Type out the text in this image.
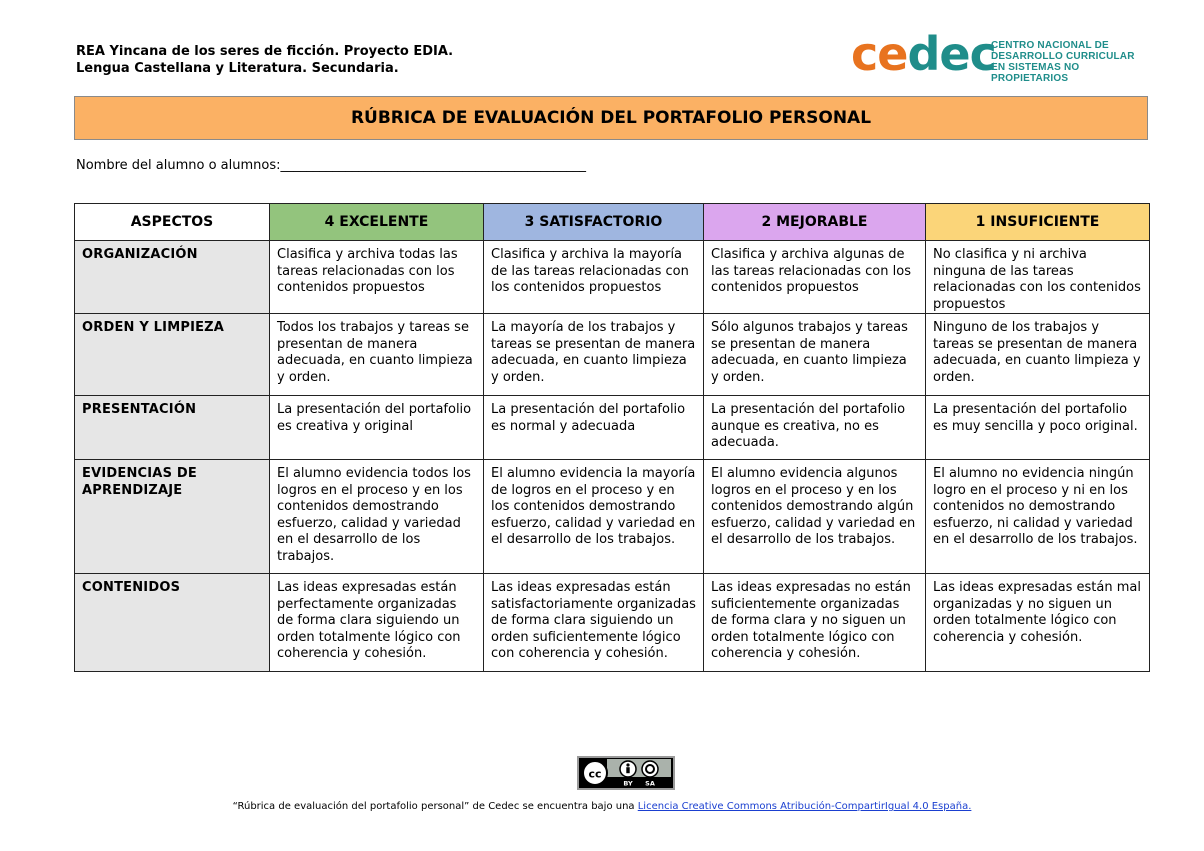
REA Yincana de los seres de ficción. Proyecto EDIA.
Lengua Castellana y Literatura. Secundaria.	cedec
CENTRO NACIONAL DE
DESARROLLO CURRICULAR
EN SISTEMAS NO PROPIETARIOS
RÚBRICA DE EVALUACIÓN DEL PORTAFOLIO PERSONAL
Nombre del alumno o alumnos:_______________________________________________
ASPECTOS	4 EXCELENTE	3 SATISFACTORIO	2 MEJORABLE	1 INSUFICIENTE
ORGANIZACIÓN	Clasifica y archiva todas las tareas relacionadas con los contenidos propuestos	Clasifica y archiva la mayoría de las tareas relacionadas con los contenidos propuestos	Clasifica y archiva algunas de las tareas relacionadas con los contenidos propuestos	No clasifica y ni archiva ninguna de las tareas relacionadas con los contenidos propuestos
ORDEN Y LIMPIEZA	Todos los trabajos y tareas se presentan de manera adecuada, en cuanto limpieza y orden.	La mayoría de los trabajos y tareas se presentan de manera adecuada, en cuanto limpieza y orden.	Sólo algunos trabajos y tareas se presentan de manera adecuada, en cuanto limpieza y orden.	Ninguno de los trabajos y tareas se presentan de manera adecuada, en cuanto limpieza y orden.
PRESENTACIÓN	La presentación del portafolio es creativa y original	La presentación del portafolio es normal y adecuada	La presentación del portafolio aunque es creativa, no es adecuada.	La presentación del portafolio es muy sencilla y poco original.
EVIDENCIAS DE APRENDIZAJE	El alumno evidencia todos los logros en el proceso y en los contenidos demostrando esfuerzo, calidad y variedad en el desarrollo de los trabajos.	El alumno evidencia la mayoría de logros en el proceso y en los contenidos demostrando esfuerzo, calidad y variedad en el desarrollo de los trabajos.	El alumno evidencia algunos logros en el proceso y en los contenidos demostrando algún esfuerzo, calidad y variedad en el desarrollo de los trabajos.	El alumno no evidencia ningún logro en el proceso y ni en los contenidos no demostrando esfuerzo, ni calidad y variedad en el desarrollo de los trabajos.
CONTENIDOS	Las ideas expresadas están perfectamente organizadas de forma clara siguiendo un orden totalmente lógico con coherencia y cohesión.	Las ideas expresadas están satisfactoriamente organizadas de forma clara siguiendo un orden suficientemente lógico con coherencia y cohesión.	Las ideas expresadas no están suficientemente organizadas de forma clara y no siguen un orden totalmente lógico con coherencia y cohesión.	Las ideas expresadas están mal organizadas y no siguen un orden totalmente lógico con coherencia y cohesión.
cc
BY SA
“Rúbrica de evaluación del portafolio personal” de Cedec se encuentra bajo una Licencia Creative Commons Atribución-CompartirIgual 4.0 España.
